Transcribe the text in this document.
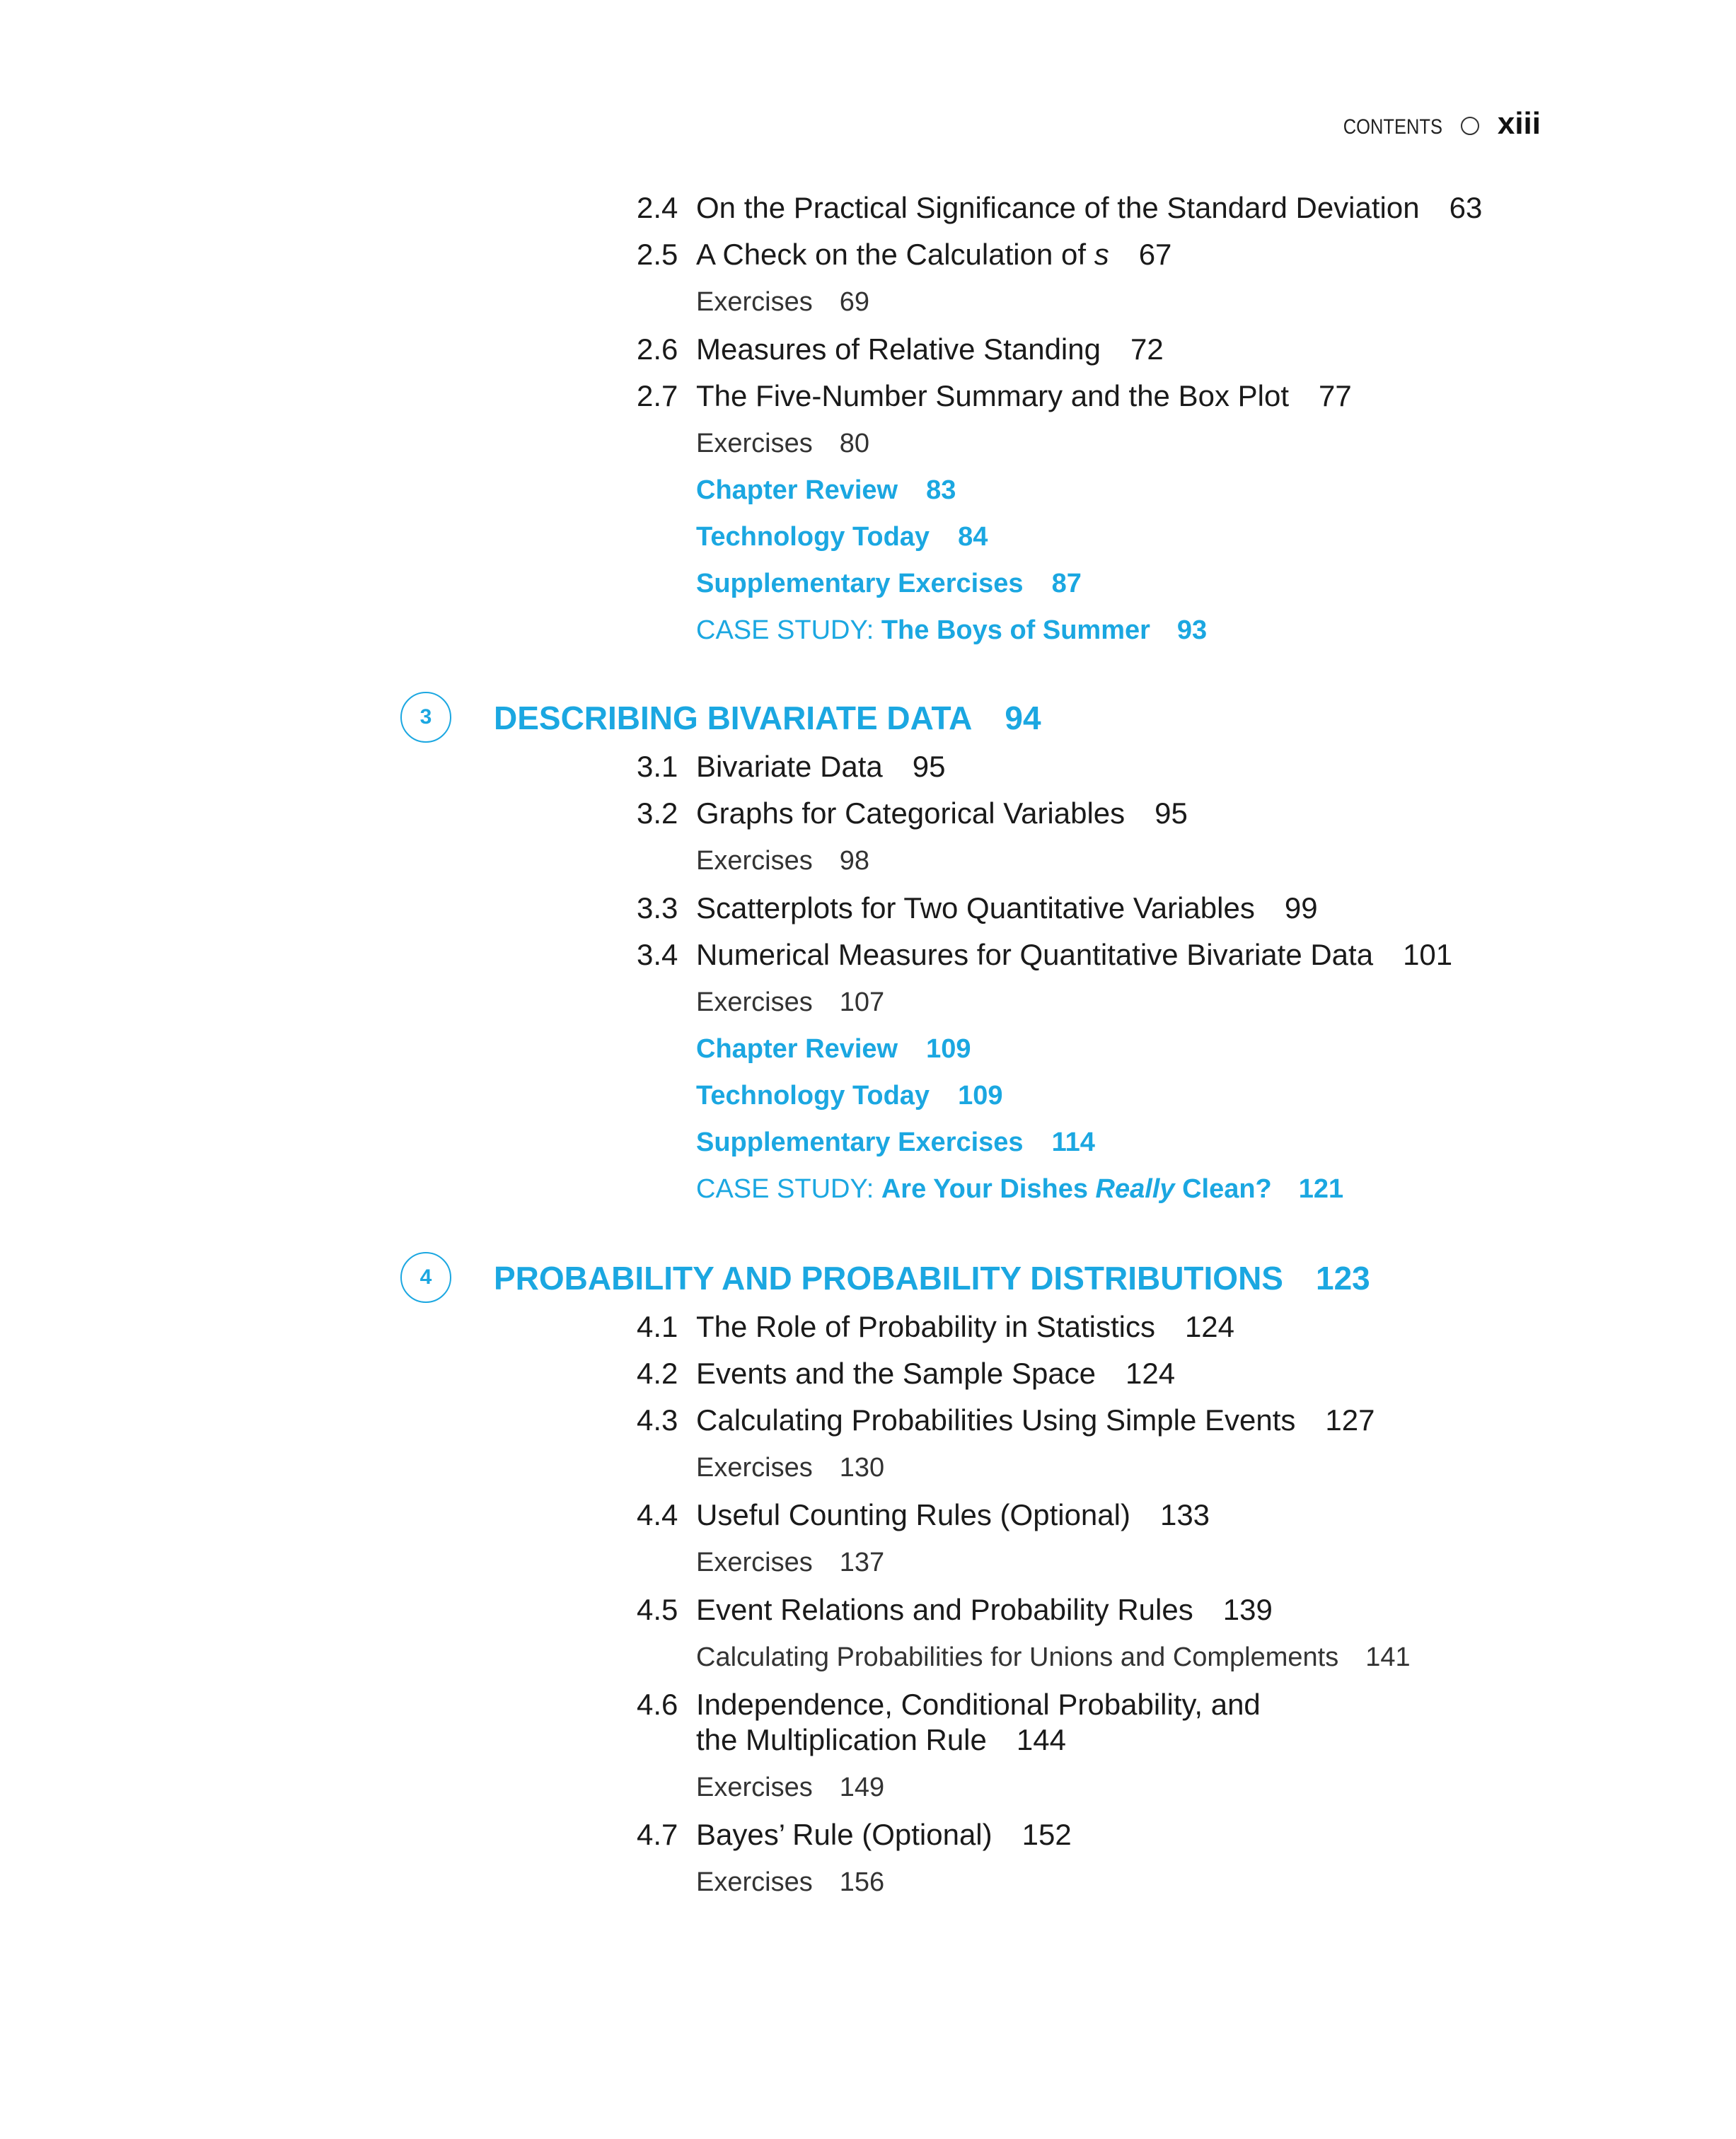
CONTENTS xiii
2.4 On the Practical Significance of the Standard Deviation 63
2.5 A Check on the Calculation of s 67
Exercises 69
2.6 Measures of Relative Standing 72
2.7 The Five-Number Summary and the Box Plot 77
Exercises 80
Chapter Review 83
Technology Today 84
Supplementary Exercises 87
CASE STUDY: The Boys of Summer 93
3	DESCRIBING BIVARIATE DATA 94
3.1 Bivariate Data 95
3.2 Graphs for Categorical Variables 95
Exercises 98
3.3 Scatterplots for Two Quantitative Variables 99
3.4 Numerical Measures for Quantitative Bivariate Data 101
Exercises 107
Chapter Review 109
Technology Today 109
Supplementary Exercises 114
CASE STUDY: Are Your Dishes Really Clean? 121
4	PROBABILITY AND PROBABILITY DISTRIBUTIONS 123
4.1 The Role of Probability in Statistics 124
4.2 Events and the Sample Space 124
4.3 Calculating Probabilities Using Simple Events 127
Exercises 130
4.4 Useful Counting Rules (Optional) 133
Exercises 137
4.5 Event Relations and Probability Rules 139
Calculating Probabilities for Unions and Complements 141
4.6 Independence, Conditional Probability, and
the Multiplication Rule 144
Exercises 149
4.7 Bayes’ Rule (Optional) 152
Exercises 156
